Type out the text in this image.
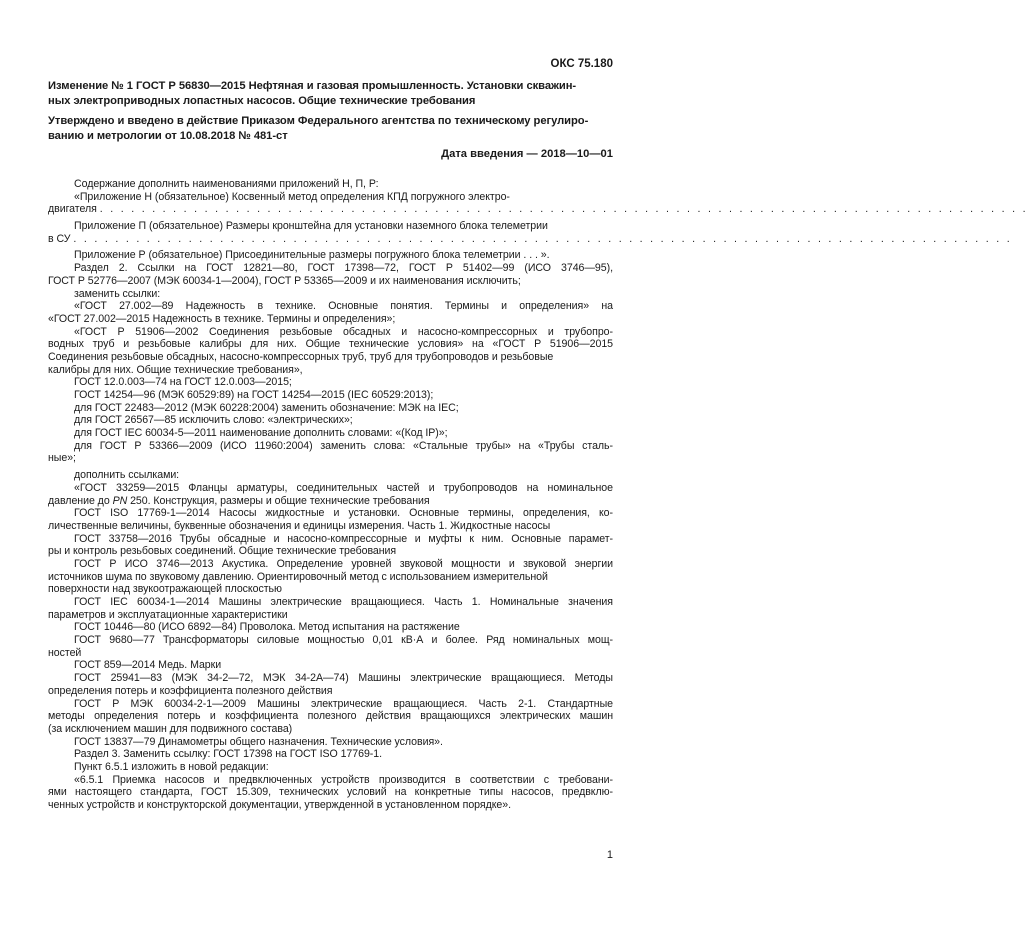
ОКС 75.180
Изменение № 1 ГОСТ Р 56830—2015 Нефтяная и газовая промышленность. Установки скважин-
ных электроприводных лопастных насосов. Общие технические требования
Утверждено и введено в действие Приказом Федерального агентства по техническому регулиро-
ванию и метрологии от 10.08.2018 № 481-ст
Дата введения — 2018—10—01
Содержание дополнить наименованиями приложений Н, П, Р:
«Приложение Н (обязательное) Косвенный метод определения КПД погружного электро-
двигателя . . . . . . . . . . . . . . . . . . . . . . . . . . . . . . . . . . . . . . . . . . . . . . . . . . . . . . . . . . . . . . . . . . . . . . . . . . . . . . . . . . . . . . . . .
Приложение П (обязательное) Размеры кронштейна для установки наземного блока телеметрии
в СУ . . . . . . . . . . . . . . . . . . . . . . . . . . . . . . . . . . . . . . . . . . . . . . . . . . . . . . . . . . . . . . . . . . . . . . . . . . . . . . . . . . . . . . . . . .
Приложение Р (обязательное) Присоединительные размеры погружного блока телеметрии . . . ».
Раздел 2. Ссылки на ГОСТ 12821—80, ГОСТ 17398—72, ГОСТ Р 51402—99 (ИСО 3746—95),
ГОСТ Р 52776—2007 (МЭК 60034-1—2004), ГОСТ Р 53365—2009 и их наименования исключить;
заменить ссылки:
«ГОСТ 27.002—89 Надежность в технике. Основные понятия. Термины и определения» на
«ГОСТ 27.002—2015 Надежность в технике. Термины и определения»;
«ГОСТ Р 51906—2002 Соединения резьбовые обсадных и насосно-компрессорных и трубопро-
водных труб и резьбовые калибры для них. Общие технические условия» на «ГОСТ Р 51906—2015
Соединения резьбовые обсадных, насосно-компрессорных труб, труб для трубопроводов и резьбовые
калибры для них. Общие технические требования»,
ГОСТ 12.0.003—74 на ГОСТ 12.0.003—2015;
ГОСТ 14254—96 (МЭК 60529:89) на ГОСТ 14254—2015 (IEC 60529:2013);
для ГОСТ 22483—2012 (МЭК 60228:2004) заменить обозначение: МЭК на IEC;
для ГОСТ 26567—85 исключить слово: «электрических»;
для ГОСТ IEC 60034-5—2011 наименование дополнить словами: «(Код IP)»;
для ГОСТ Р 53366—2009 (ИСО 11960:2004) заменить слова: «Стальные трубы» на «Трубы сталь-
ные»;
дополнить ссылками:
«ГОСТ 33259—2015 Фланцы арматуры, соединительных частей и трубопроводов на номинальное
давление до PN 250. Конструкция, размеры и общие технические требования
ГОСТ ISO 17769-1—2014 Насосы жидкостные и установки. Основные термины, определения, ко-
личественные величины, буквенные обозначения и единицы измерения. Часть 1. Жидкостные насосы
ГОСТ 33758—2016 Трубы обсадные и насосно-компрессорные и муфты к ним. Основные парамет-
ры и контроль резьбовых соединений. Общие технические требования
ГОСТ Р ИСО 3746—2013 Акустика. Определение уровней звуковой мощности и звуковой энергии
источников шума по звуковому давлению. Ориентировочный метод с использованием измерительной
поверхности над звукоотражающей плоскостью
ГОСТ IEC 60034-1—2014 Машины электрические вращающиеся. Часть 1. Номинальные значения
параметров и эксплуатационные характеристики
ГОСТ 10446—80 (ИСО 6892—84) Проволока. Метод испытания на растяжение
ГОСТ 9680—77 Трансформаторы силовые мощностью 0,01 кВ·А и более. Ряд номинальных мощ-
ностей
ГОСТ 859—2014 Медь. Марки
ГОСТ 25941—83 (МЭК 34-2—72, МЭК 34-2А—74) Машины электрические вращающиеся. Методы
определения потерь и коэффициента полезного действия
ГОСТ Р МЭК 60034-2-1—2009 Машины электрические вращающиеся. Часть 2-1. Стандартные
методы определения потерь и коэффициента полезного действия вращающихся электрических машин
(за исключением машин для подвижного состава)
ГОСТ 13837—79 Динамометры общего назначения. Технические условия».
Раздел 3. Заменить ссылку: ГОСТ 17398 на ГОСТ ISO 17769-1.
Пункт 6.5.1 изложить в новой редакции:
«6.5.1 Приемка насосов и предвключенных устройств производится в соответствии с требовани-
ями настоящего стандарта, ГОСТ 15.309, технических условий на конкретные типы насосов, предвклю-
ченных устройств и конструкторской документации, утвержденной в установленном порядке».
1
